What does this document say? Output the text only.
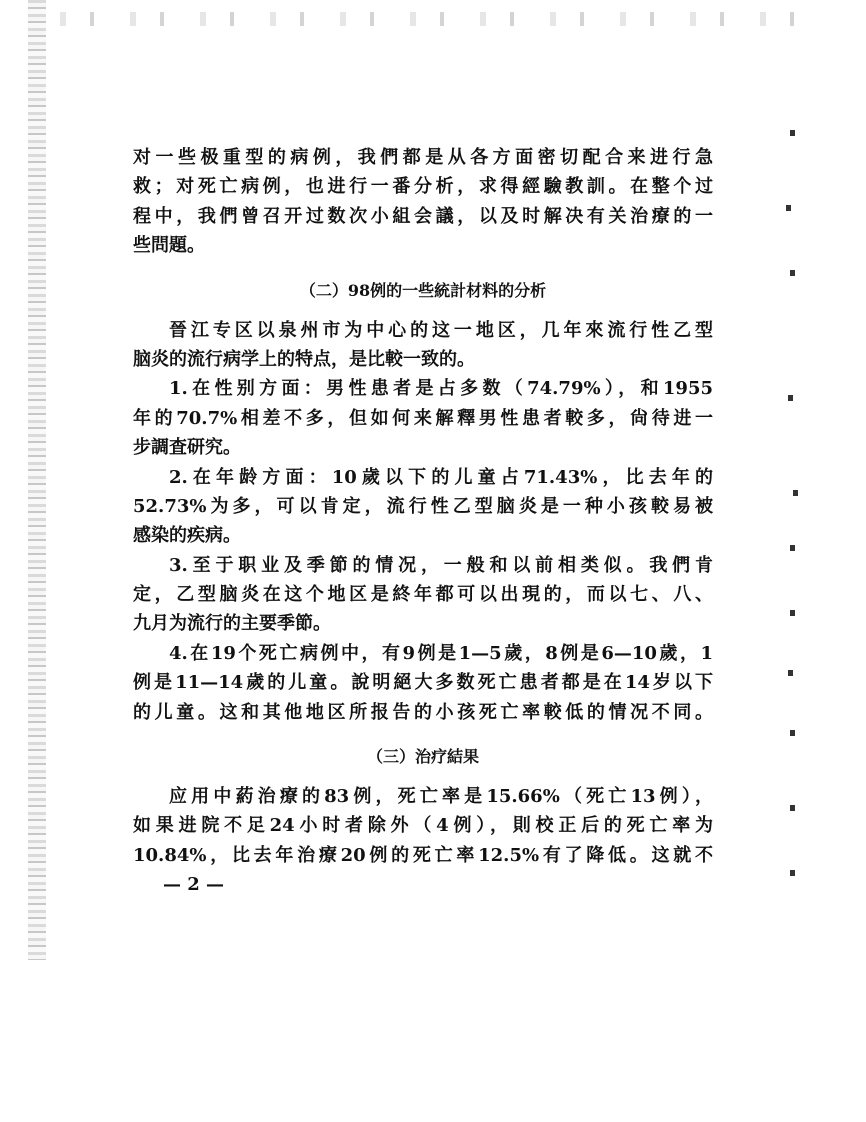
对一些极重型的病例，我們都是从各方面密切配合来进行急
救；对死亡病例，也进行一番分析，求得經驗教訓。在整个过
程中，我們曾召开过数次小組会議，以及时解决有关治療的一
些問題。
（二）98例的一些統計材料的分析
晉江专区以泉州市为中心的这一地区，几年來流行性乙型
脑炎的流行病学上的特点，是比較一致的。
1.在性别方面：男性患者是占多数（74.79%），和1955
年的70.7%相差不多，但如何来解釋男性患者較多，尙待进一
步調査研究。
2.在年龄方面：10歲以下的儿童占71.43%，比去年的
52.73%为多，可以肯定，流行性乙型脑炎是一种小孩較易被
感染的疾病。
3.至于职业及季節的情况，一般和以前相类似。我們肯
定，乙型脑炎在这个地区是終年都可以出現的，而以七、八、
九月为流行的主要季節。
4.在19个死亡病例中，有9例是1—5歲，8例是6—10歲，1
例是11—14歲的儿童。說明絕大多数死亡患者都是在14岁以下
的儿童。这和其他地区所报告的小孩死亡率較低的情况不同。
（三）治疗結果
应用中葯治療的83例，死亡率是15.66%（死亡13例），
如果进院不足24小时者除外（4例），則校正后的死亡率为
10.84%，比去年治療20例的死亡率12.5%有了降低。这就不
— 2 —
